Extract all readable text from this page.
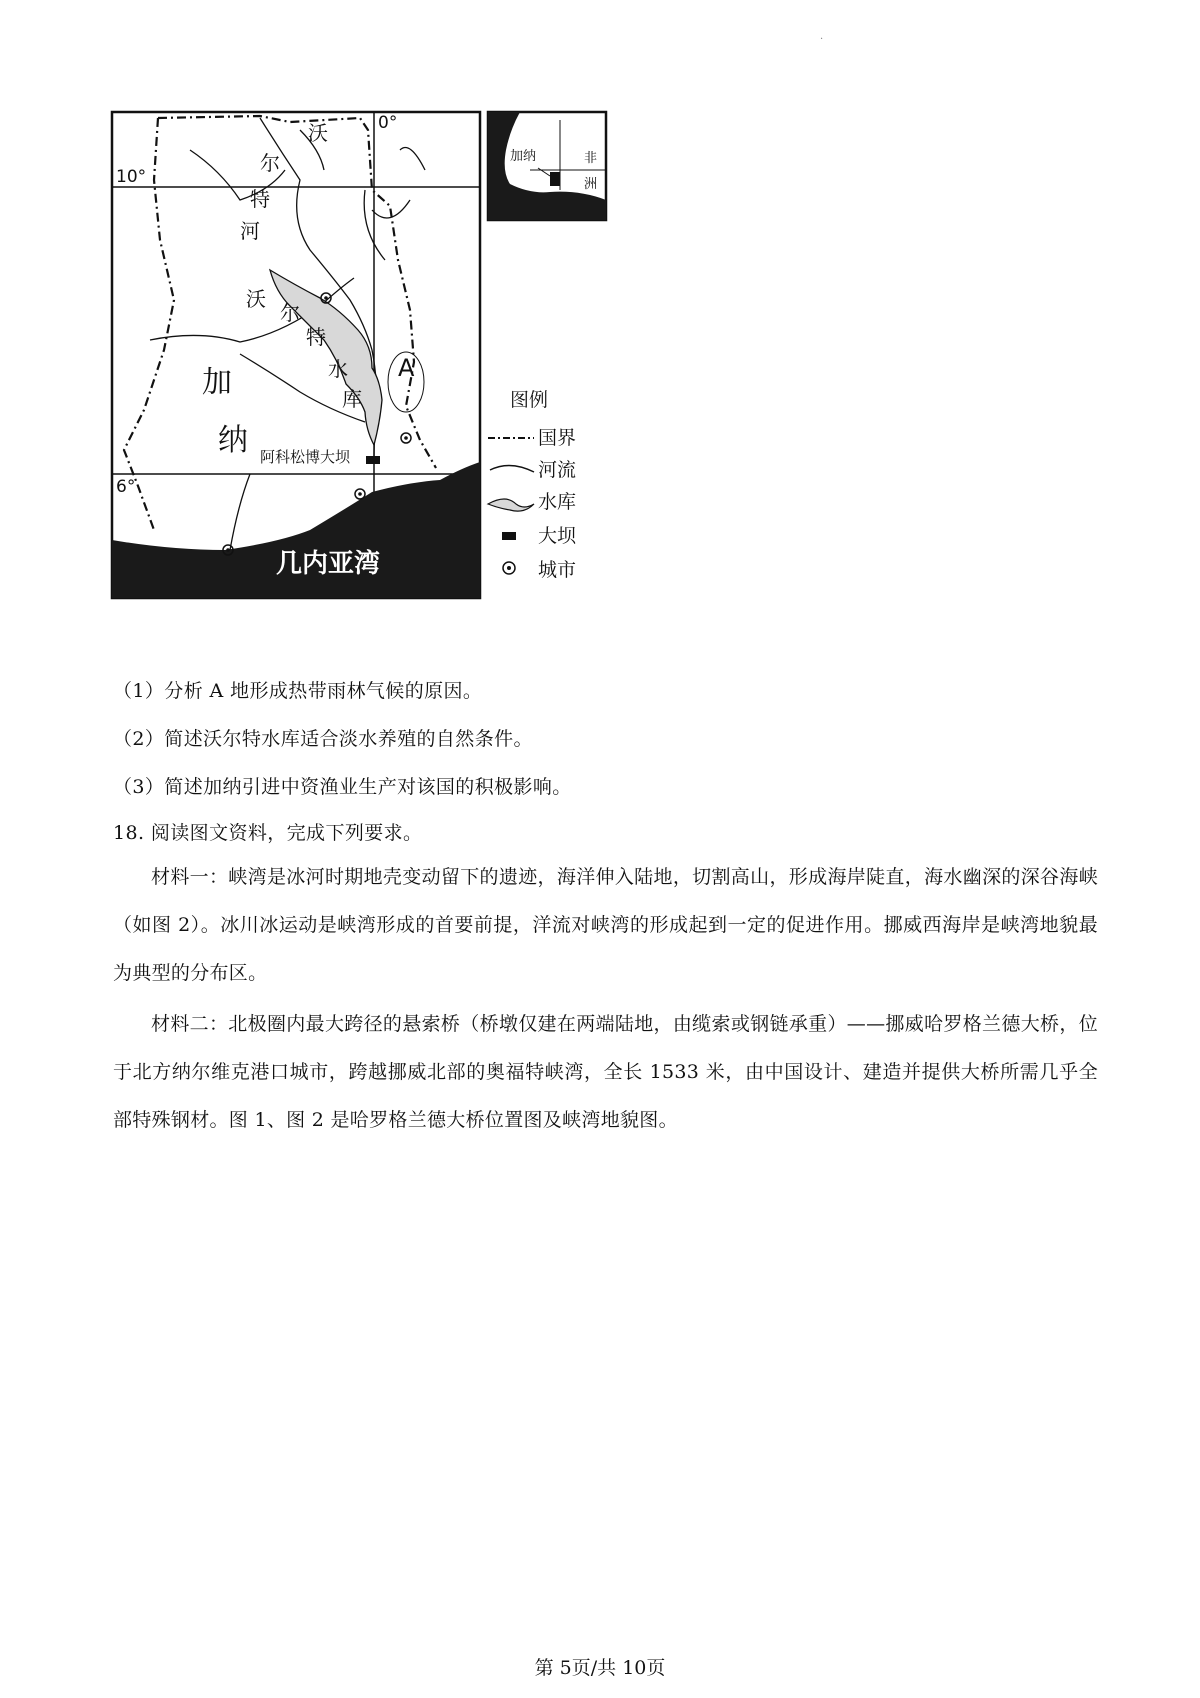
·
10°
6°
0°
沃
尔
特
河
沃
尔
特
水
库
加
纳
A
阿科松博大坝
几内亚湾
加纳	非
洲
图例
国界
河流
水库
大坝
城市
（1）分析 A 地形成热带雨林气候的原因。
（2）简述沃尔特水库适合淡水养殖的自然条件。
（3）简述加纳引进中资渔业生产对该国的积极影响。
18. 阅读图文资料，完成下列要求。
材料一：峡湾是冰河时期地壳变动留下的遗迹，海洋伸入陆地，切割高山，形成海岸陡直，海水幽深的深谷海峡（如图 2）。冰川冰运动是峡湾形成的首要前提，洋流对峡湾的形成起到一定的促进作用。挪威西海岸是峡湾地貌最为典型的分布区。
材料二：北极圈内最大跨径的悬索桥（桥墩仅建在两端陆地，由缆索或钢链承重）——挪威哈罗格兰德大桥，位于北方纳尔维克港口城市，跨越挪威北部的奥福特峡湾，全长 1533 米，由中国设计、建造并提供大桥所需几乎全部特殊钢材。图 1、图 2 是哈罗格兰德大桥位置图及峡湾地貌图。
第 5页/共 10页
